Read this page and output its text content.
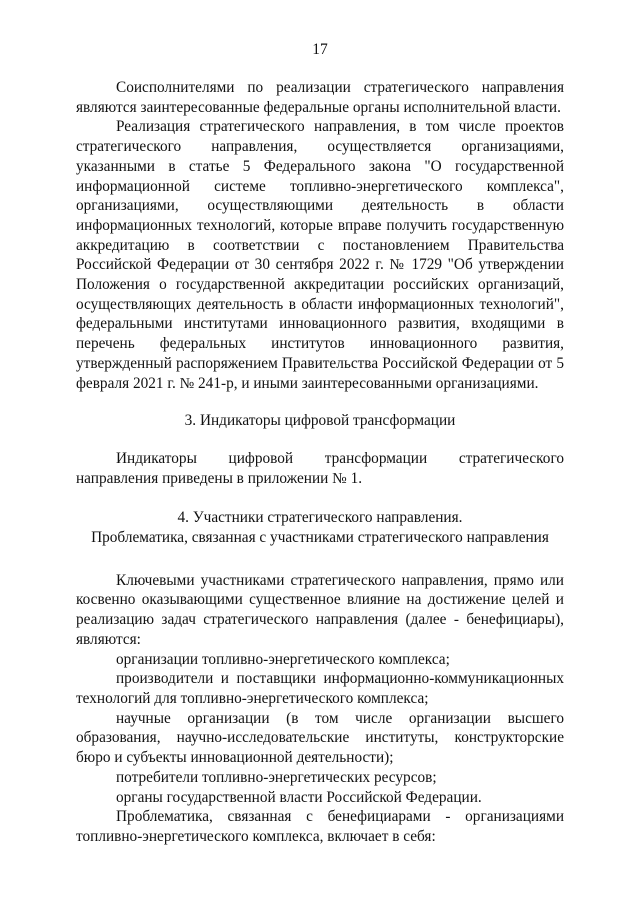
17

Соисполнителями по реализации стратегического направления являются заинтересованные федеральные органы исполнительной власти.

Реализация стратегического направления, в том числе проектов стратегического направления, осуществляется организациями, указанными в статье 5 Федерального закона "О государственной информационной системе топливно-энергетического комплекса", организациями, осуществляющими деятельность в области информационных технологий, которые вправе получить государственную аккредитацию в соответствии с постановлением Правительства Российской Федерации от 30 сентября 2022 г. № 1729 "Об утверждении Положения о государственной аккредитации российских организаций, осуществляющих деятельность в области информационных технологий", федеральными институтами инновационного развития, входящими в перечень федеральных институтов инновационного развития, утвержденный распоряжением Правительства Российской Федерации от 5 февраля 2021 г. № 241-р, и иными заинтересованными организациями.

3. Индикаторы цифровой трансформации

Индикаторы цифровой трансформации стратегического направления приведены в приложении № 1.

4. Участники стратегического направления.
Проблематика, связанная с участниками стратегического направления

Ключевыми участниками стратегического направления, прямо или косвенно оказывающими существенное влияние на достижение целей и реализацию задач стратегического направления (далее - бенефициары), являются:

организации топливно-энергетического комплекса;

производители и поставщики информационно-коммуникационных технологий для топливно-энергетического комплекса;

научные организации (в том числе организации высшего образования, научно-исследовательские институты, конструкторские бюро и субъекты инновационной деятельности);

потребители топливно-энергетических ресурсов;

органы государственной власти Российской Федерации.

Проблематика, связанная с бенефициарами - организациями топливно-энергетического комплекса, включает в себя:
